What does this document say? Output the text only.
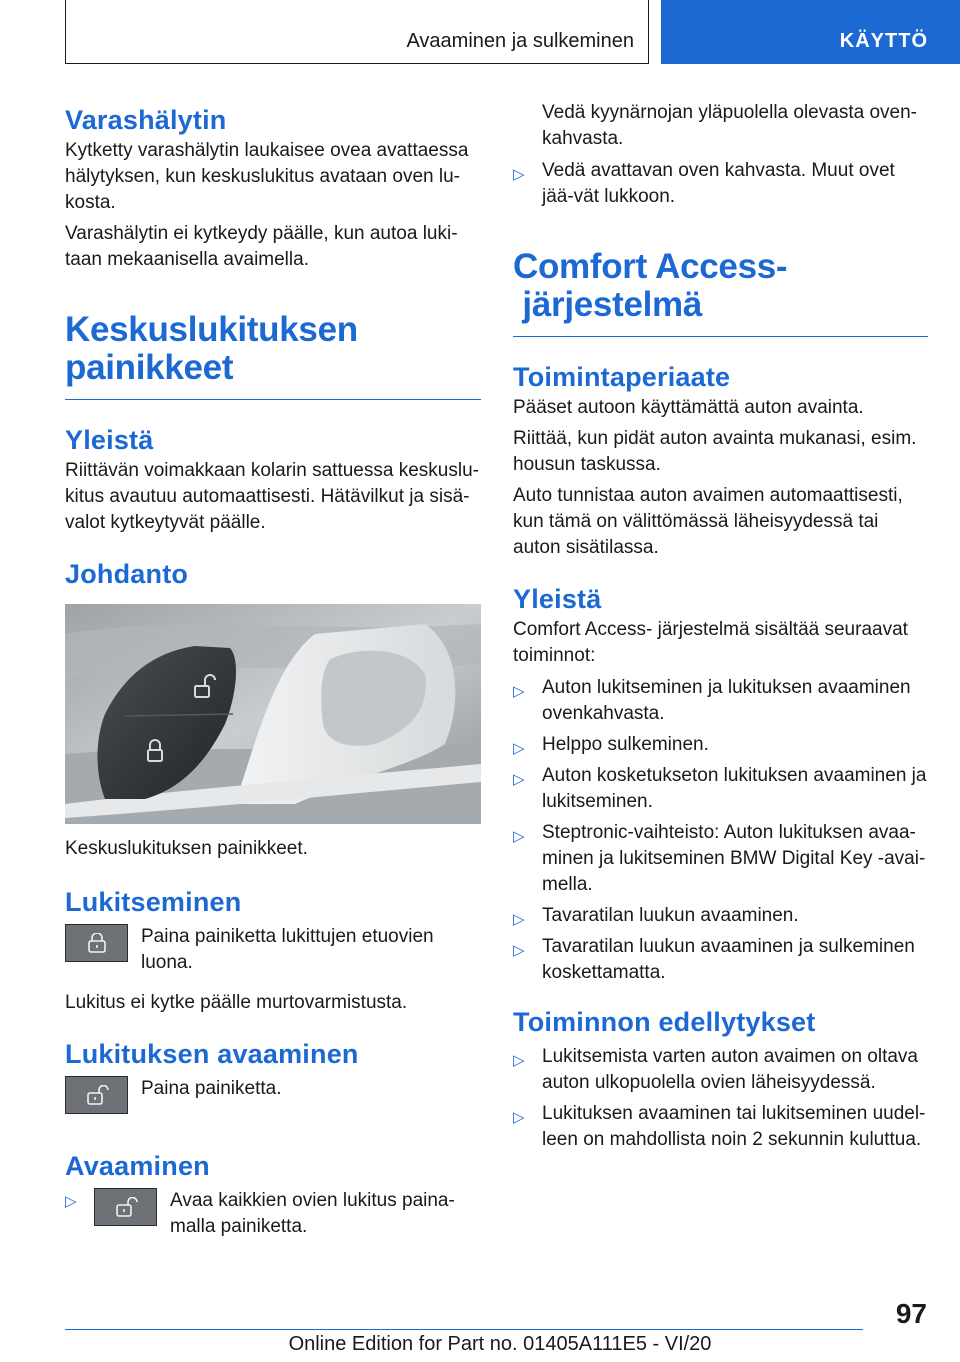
Avaaminen ja sulkeminen	KÄYTTÖ
Varashälytin

Kytketty varashälytin laukaisee ovea avattaessa hälytyksen, kun keskuslukitus avataan oven lu-kosta.

Varashälytin ei kytkeydy päälle, kun autoa luki-taan mekaanisella avaimella.

Keskuslukituksen
painikkeet
Yleistä

Riittävän voimakkaan kolarin sattuessa keskuslu-kitus avautuu automaattisesti. Hätävilkut ja sisä-valot kytkeytyvät päälle.

Johdanto

Keskuslukituksen painikkeet.

Lukitseminen

Paina painiketta lukittujen etuovien luona.

Lukitus ei kytke päälle murtovarmistusta.

Lukituksen avaaminen

Paina painiketta.

Avaaminen
▷	Avaa kaikkien ovien lukitus paina-malla painiketta.

Vedä kyynärnojan yläpuolella olevasta oven-kahvasta.

▷ Vedä avattavan oven kahvasta. Muut ovet jää-vät lukkoon.
Comfort Access-
järjestelmä
Toimintaperiaate

Pääset autoon käyttämättä auton avainta.

Riittää, kun pidät auton avainta mukanasi, esim. housun taskussa.

Auto tunnistaa auton avaimen automaattisesti, kun tämä on välittömässä läheisyydessä tai auton sisätilassa.

Yleistä

Comfort Access- järjestelmä sisältää seuraavat toiminnot:

▷ Auton lukitseminen ja lukituksen avaaminen ovenkahvasta.
▷ Helppo sulkeminen.
▷ Auton kosketukseton lukituksen avaaminen ja lukitseminen.
▷ Steptronic-vaihteisto: Auton lukituksen avaa-minen ja lukitseminen BMW Digital Key -avai-mella.
▷ Tavaratilan luukun avaaminen.
▷ Tavaratilan luukun avaaminen ja sulkeminen koskettamatta.
Toiminnon edellytykset
▷ Lukitsemista varten auton avaimen on oltava auton ulkopuolella ovien läheisyydessä.
▷ Lukituksen avaaminen tai lukitseminen uudel-leen on mahdollista noin 2 sekunnin kuluttua.
97
Online Edition for Part no. 01405A111E5 - VI/20
